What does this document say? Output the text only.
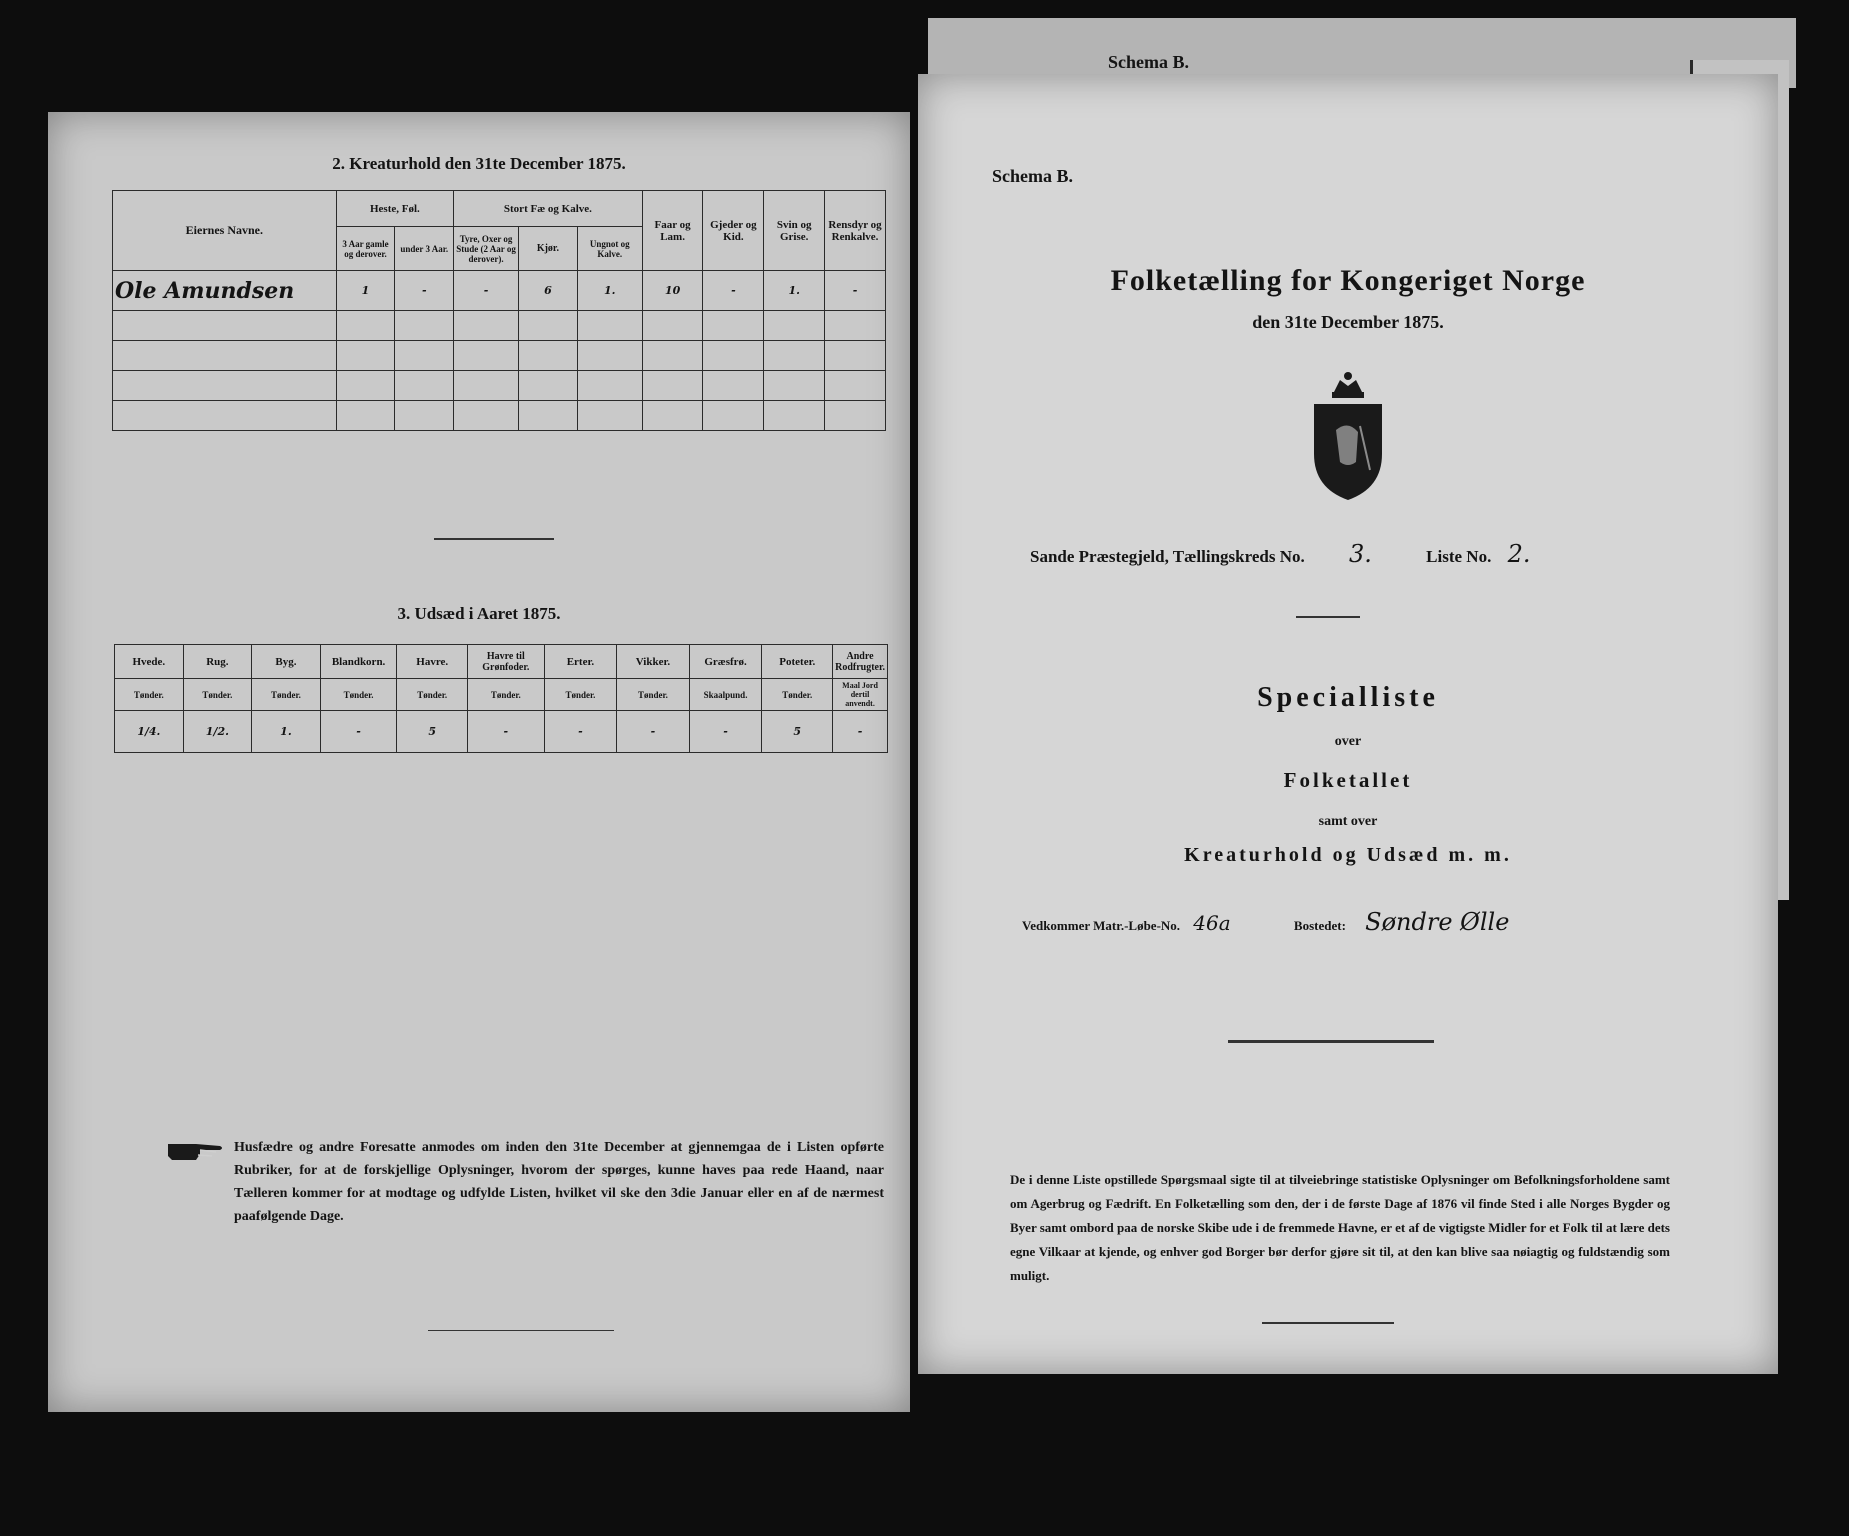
Schema B.
2. Kreaturhold den 31te December 1875.
Eiernes Navne.	Heste, Føl.		Stort Fæ og Kalve.			Faar og Lam.	Gjeder og Kid.	Svin og Grise.	Rensdyr og Renkalve.
	3 Aar gamle og derover.	under 3 Aar.	Tyre, Oxer og Stude (2 Aar og derover).	Kjør.	Ungnot og Kalve.				
Ole Amundsen	1	-	-	6	1.	10	-	1.	-

3. Udsæd i Aaret 1875.
Hvede.	Rug.	Byg.	Blandkorn.	Havre.	Havre til Grønfoder.	Erter.	Vikker.	Græsfrø.	Poteter.	Andre Rodfrugter.
Tønder.	Tønder.	Tønder.	Tønder.	Tønder.	Tønder.	Tønder.	Tønder.	Skaalpund.	Tønder.	Maal Jord dertil anvendt.
1/4.	1/2.	1.	-	5	-	-	-	-	5	-
Husfædre og andre Foresatte anmodes om inden den 31te December at gjennemgaa de i Listen opførte Rubriker, for at de forskjellige Oplysninger, hvorom der spørges, kunne haves paa rede Haand, naar Tælleren kommer for at modtage og udfylde Listen, hvilket vil ske den 3die Januar eller en af de nærmest paafølgende Dage.
Schema B.
Folketælling for Kongeriget Norge
den 31te December 1875.
Sande Præstegjeld, Tællingskreds No. 3.	Liste No. 2.
Specialliste
over
Folketallet
samt over
Kreaturhold og Udsæd m. m.
Vedkommer Matr.-Løbe-No. 46a	Bostedet: Søndre Ølle
De i denne Liste opstillede Spørgsmaal sigte til at tilveiebringe statistiske Oplysninger om Befolkningsforholdene samt om Agerbrug og Fædrift. En Folketælling som den, der i de første Dage af 1876 vil finde Sted i alle Norges Bygder og Byer samt ombord paa de norske Skibe ude i de fremmede Havne, er et af de vigtigste Midler for et Folk til at lære dets egne Vilkaar at kjende, og enhver god Borger bør derfor gjøre sit til, at den kan blive saa nøiagtig og fuldstændig som muligt.
